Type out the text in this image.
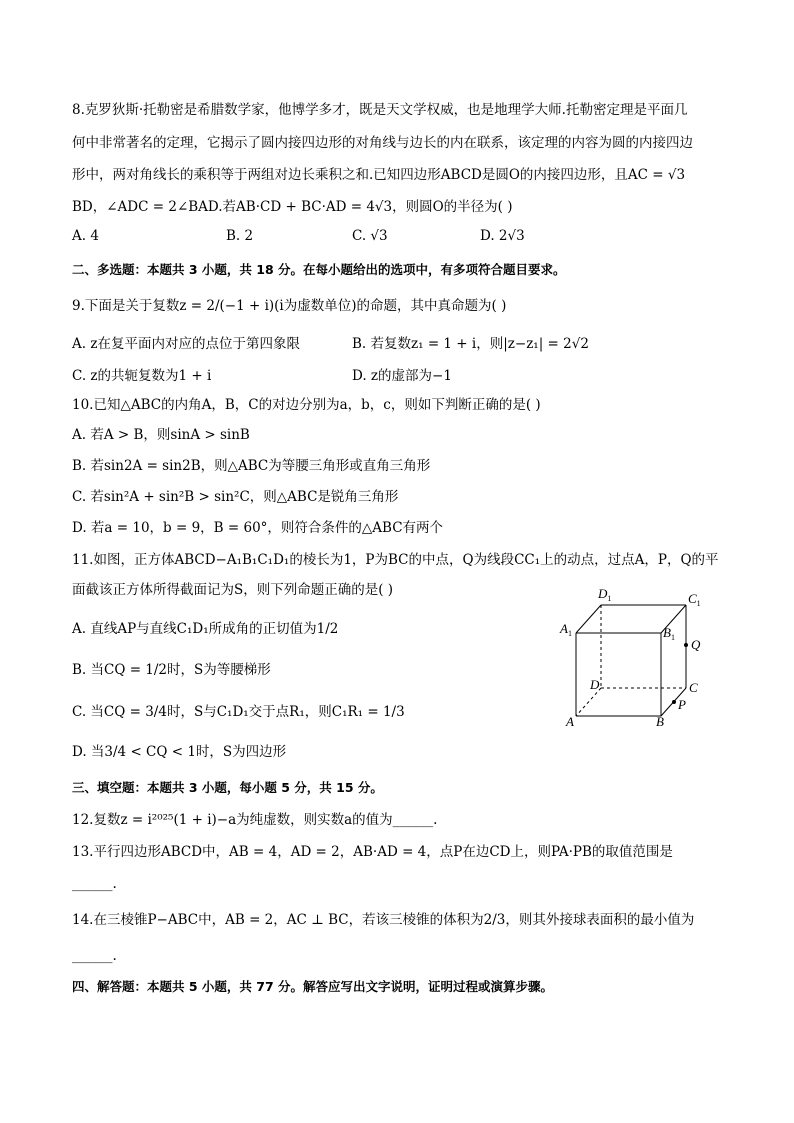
8.克罗狄斯·托勒密是希腊数学家，他博学多才，既是天文学权威，也是地理学大师.托勒密定理是平面几
何中非常著名的定理，它揭示了圆内接四边形的对角线与边长的内在联系，该定理的内容为圆的内接四边
形中，两对角线长的乘积等于两组对边长乘积之和.已知四边形ABCD是圆O的内接四边形，且AC = √3
BD，∠ADC = 2∠BAD.若AB·CD + BC·AD = 4√3，则圆O的半径为( )
A. 4	B. 2	C. √3	D. 2√3
二、多选题：本题共 3 小题，共 18 分。在每小题给出的选项中，有多项符合题目要求。
9.下面是关于复数z = 2/(−1 + i)(i为虚数单位)的命题，其中真命题为( )
A. z在复平面内对应的点位于第四象限	B. 若复数z₁ = 1 + i，则|z−z₁| = 2√2
C. z的共轭复数为1 + i	D. z的虚部为−1
10.已知△ABC的内角A，B，C的对边分别为a，b，c，则如下判断正确的是( )
A. 若A > B，则sinA > sinB
B. 若sin2A = sin2B，则△ABC为等腰三角形或直角三角形
C. 若sin²A + sin²B > sin²C，则△ABC是锐角三角形
D. 若a = 10，b = 9，B = 60°，则符合条件的△ABC有两个
11.如图，正方体ABCD−A₁B₁C₁D₁的棱长为1，P为BC的中点，Q为线段CC₁上的动点，过点A，P，Q的平
面截该正方体所得截面记为S，则下列命题正确的是( )
A. 直线AP与直线C₁D₁所成角的正切值为1/2
B. 当CQ = 1/2时，S为等腰梯形
C. 当CQ = 3/4时，S与C₁D₁交于点R₁，则C₁R₁ = 1/3
D. 当3/4 < CQ < 1时，S为四边形
$D_1$	$C_1$
$A_1$	$B_1$ Q
D	C
P
A	B
三、填空题：本题共 3 小题，每小题 5 分，共 15 分。
12.复数z = i²⁰²⁵(1 + i)−a为纯虚数，则实数a的值为______.
13.平行四边形ABCD中，AB = 4，AD = 2，AB·AD = 4，点P在边CD上，则PA·PB的取值范围是
______.
14.在三棱锥P−ABC中，AB = 2，AC ⊥ BC，若该三棱锥的体积为2/3，则其外接球表面积的最小值为
______.
四、解答题：本题共 5 小题，共 77 分。解答应写出文字说明，证明过程或演算步骤。
